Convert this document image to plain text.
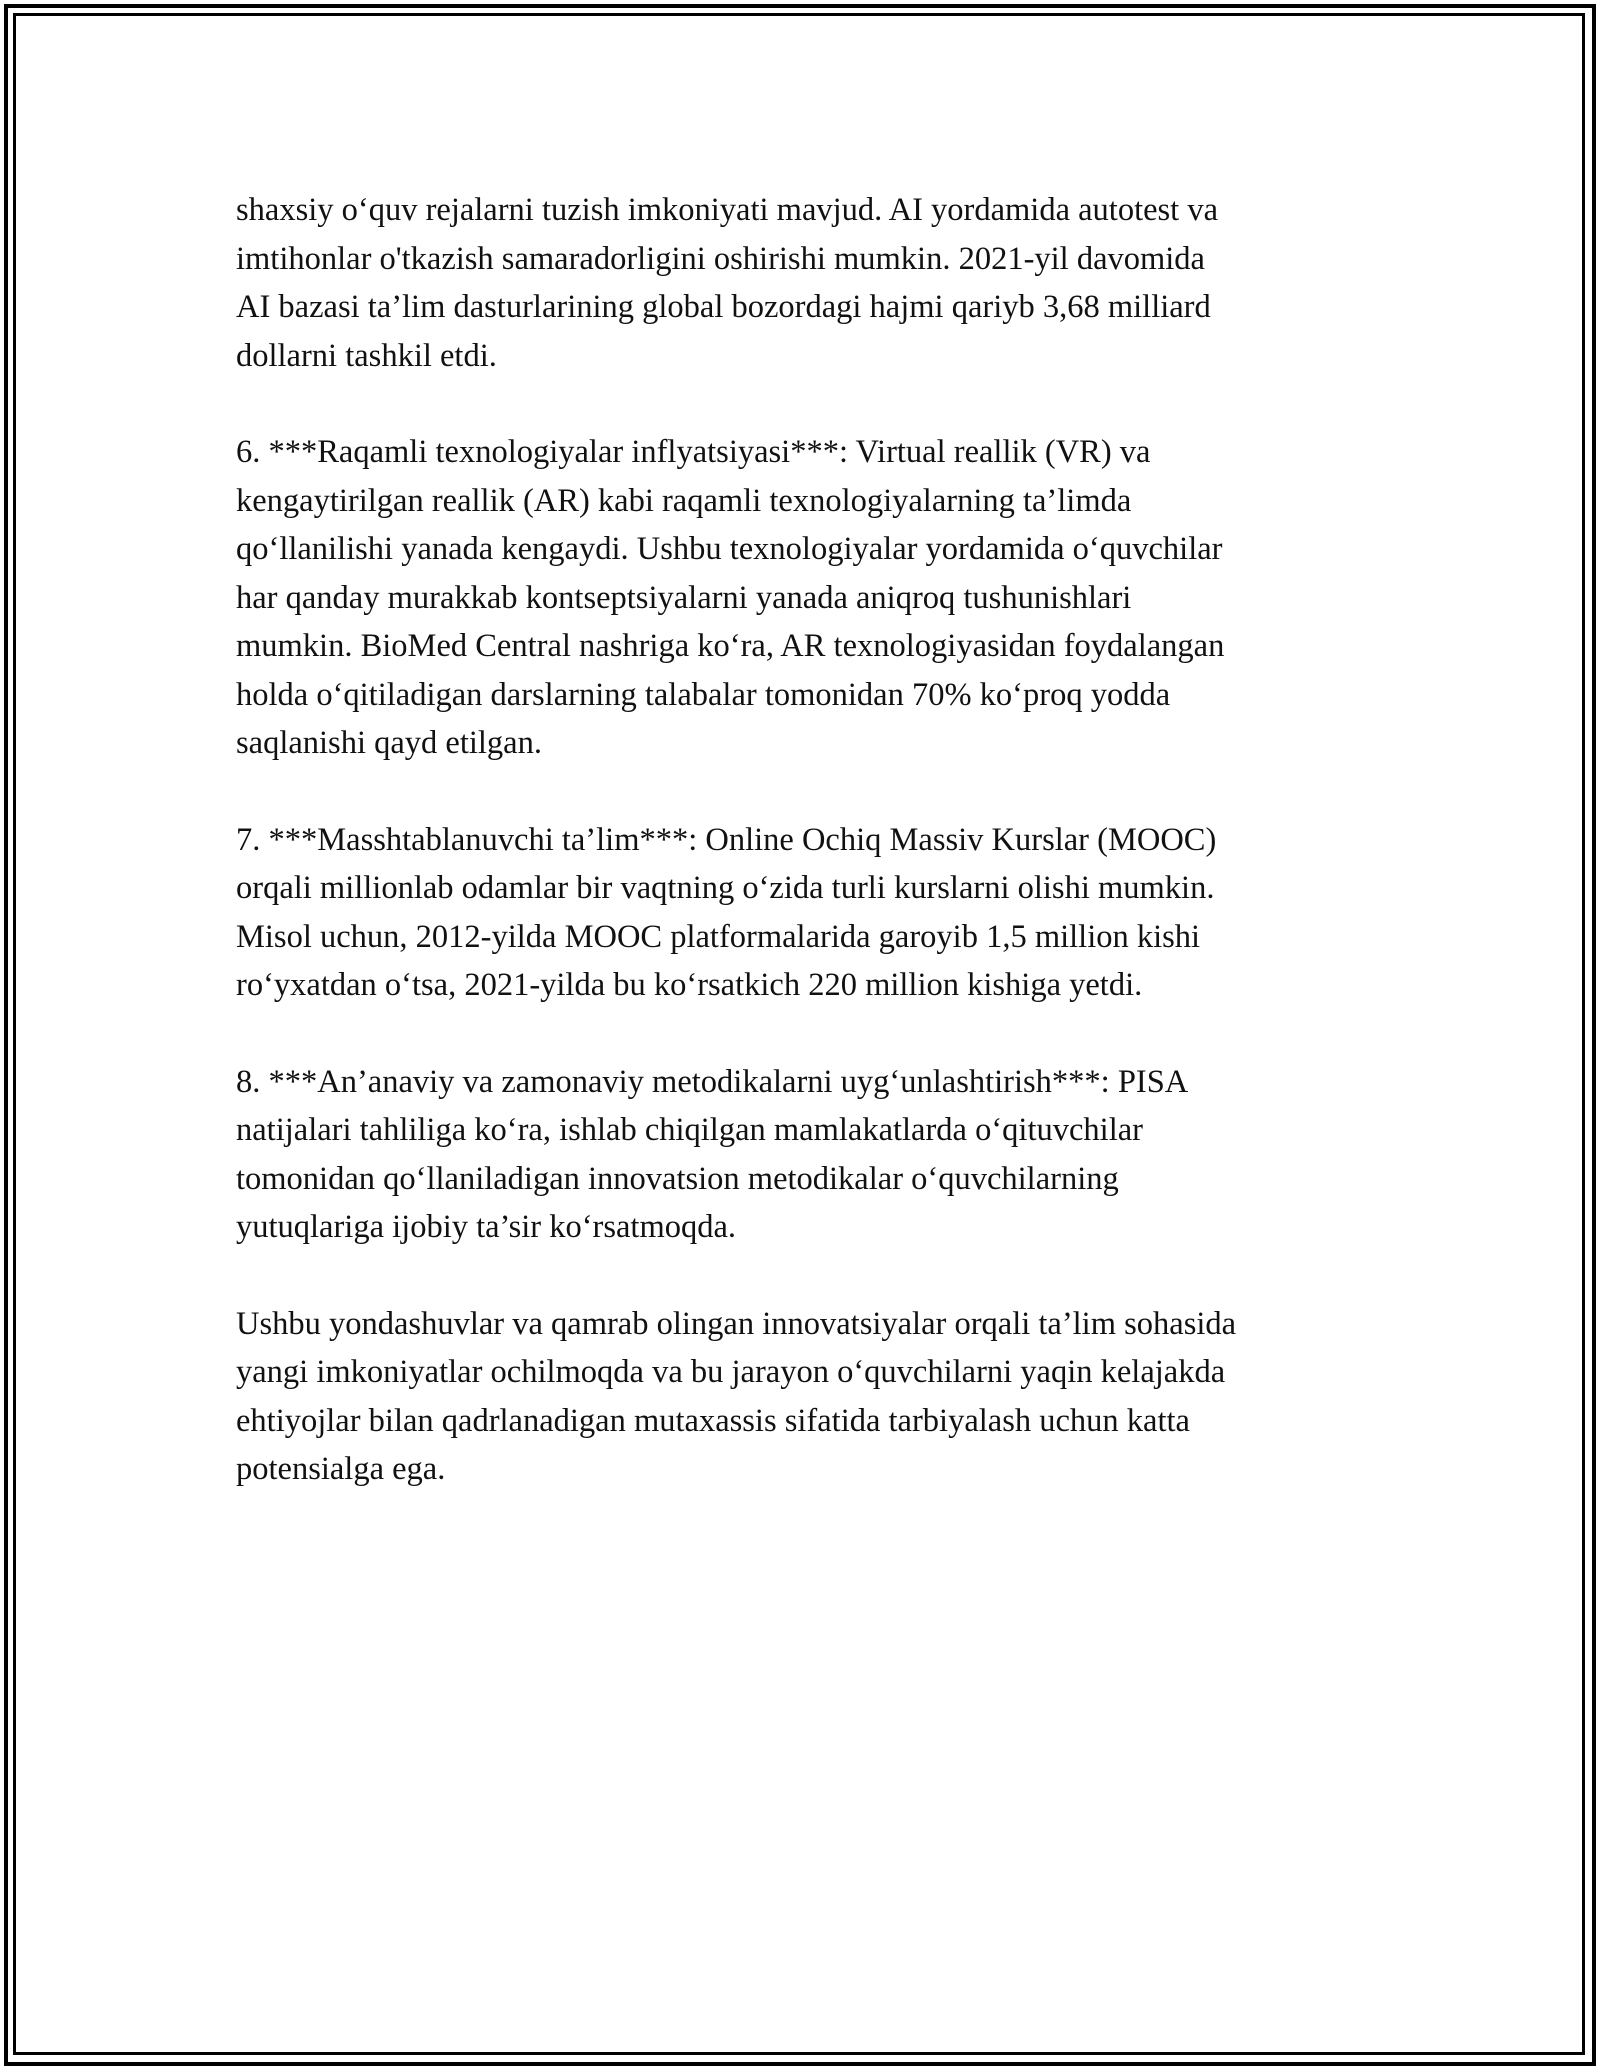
shaxsiy o‘quv rejalarni tuzish imkoniyati mavjud. AI yordamida autotest va
imtihonlar o'tkazish samaradorligini oshirishi mumkin. 2021-yil davomida
AI bazasi ta’lim dasturlarining global bozordagi hajmi qariyb 3,68 milliard
dollarni tashkil etdi.

6. ***Raqamli texnologiyalar inflyatsiyasi***: Virtual reallik (VR) va
kengaytirilgan reallik (AR) kabi raqamli texnologiyalarning ta’limda
qo‘llanilishi yanada kengaydi. Ushbu texnologiyalar yordamida o‘quvchilar
har qanday murakkab kontseptsiyalarni yanada aniqroq tushunishlari
mumkin. BioMed Central nashriga ko‘ra, AR texnologiyasidan foydalangan
holda o‘qitiladigan darslarning talabalar tomonidan 70% ko‘proq yodda
saqlanishi qayd etilgan.

7. ***Masshtablanuvchi ta’lim***: Online Ochiq Massiv Kurslar (MOOC)
orqali millionlab odamlar bir vaqtning o‘zida turli kurslarni olishi mumkin.
Misol uchun, 2012-yilda MOOC platformalarida garoyib 1,5 million kishi
ro‘yxatdan o‘tsa, 2021-yilda bu ko‘rsatkich 220 million kishiga yetdi.

8. ***An’anaviy va zamonaviy metodikalarni uyg‘unlashtirish***: PISA
natijalari tahliliga ko‘ra, ishlab chiqilgan mamlakatlarda o‘qituvchilar
tomonidan qo‘llaniladigan innovatsion metodikalar o‘quvchilarning
yutuqlariga ijobiy ta’sir ko‘rsatmoqda.

Ushbu yondashuvlar va qamrab olingan innovatsiyalar orqali ta’lim sohasida
yangi imkoniyatlar ochilmoqda va bu jarayon o‘quvchilarni yaqin kelajakda
ehtiyojlar bilan qadrlanadigan mutaxassis sifatida tarbiyalash uchun katta
potensialga ega.
